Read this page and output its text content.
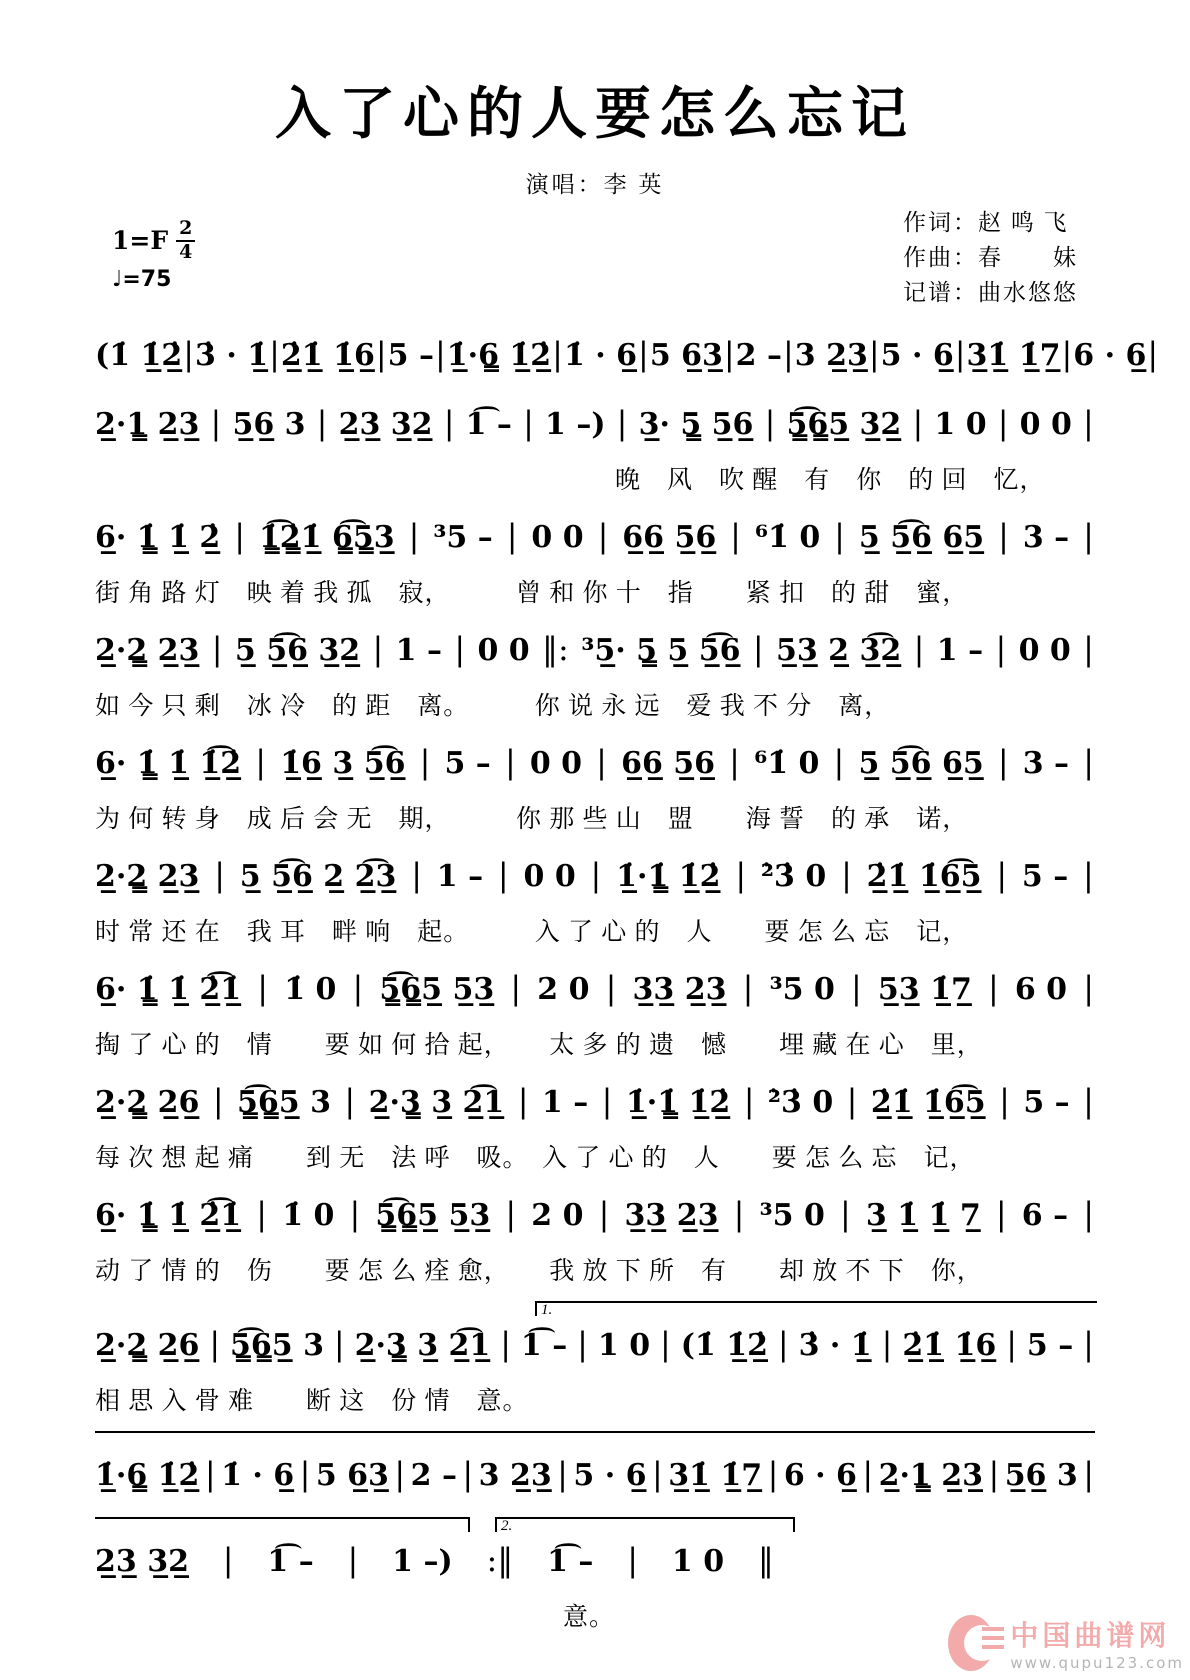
入了心的人要怎么忘记
演唱：李 英
$1=F \frac{2}{4}$
♩=75
作词：赵 鸣 飞
作曲：春　　妹
记谱：曲水悠悠
(1̇ 1̲̇2̲̇ | 3̇ · 1̲̇ | 2̲̇1̲̇ 1̲̇6̲ | 5 – | 1̲̇·6̳ 1̲̇2̲̇ | 1̇ · 6̲ | 5 6̲3̲ | 2 – | 3 2̲3̲ | 5 · 6̲ | 3̲1̲̇ 1̲̇7̲ | 6 · 6̲ |
2̲·1̳ 2̲3̲ | 5̲6̲ 3 | 2̲3̲ 3̲2̲ | 1͡ – | 1 –) | 3̲· 5̳ 5̲6̲ | 5̳͡6̳5̲ 3̲2̲ | 1 0 | 0 0 |
　　　　　　　　　　　　　　　　　　　　晚　风　吹 醒　有　你　的 回　忆，
6̲· 1̳̇ 1̲̇ 2̲̇ | 1̳̇͡2̳̇1̲̇ 6̳͡5̳3̲ | ³5 – | 0 0 | 6̲6̲ 5̲6̲ | ⁶1̇ 0 | 5̲ 5̲͡6̲ 6̲5̲ | 3 – |
街 角 路 灯　映 着 我 孤　寂，　　　曾 和 你 十　指　　紧 扣　的 甜　蜜，
2̲·2̳ 2̲3̲ | 5̲ 5̲͡6̲ 3̲2̲ | 1 – | 0 0 ‖: ³5̲· 5̳ 5̲ 5̲͡6̲ | 5̲3̲ 2̲ 3̲͡2̲ | 1 – | 0 0 |
如 今 只 剩　冰 冷　的 距　离。　　　你 说 永 远　爱 我 不 分　离，
6̲· 1̳̇ 1̲̇ 1̲̇͡2̲̇ | 1̲̇6̲ 3̲ 5̲͡6̲ | 5 – | 0 0 | 6̲6̲ 5̲6̲ | ⁶1̇ 0 | 5̲ 5̲͡6̲ 6̲5̲ | 3 – |
为 何 转 身　成 后 会 无　期，　　　你 那 些 山　盟　　海 誓　的 承　诺，
2̲·2̳ 2̲3̲ | 5̲ 5̲͡6̲ 2̲ 2̲͡3̲ | 1 – | 0 0 | 1̲̇·1̳̇ 1̲̇2̲̇ | ²̇3̇ 0 | 2̲̇1̲̇ 1̲̇6̲͡5̲ | 5 – |
时 常 还 在　我 耳　畔 响　起。　　　入 了 心 的　人　　要 怎 么 忘　记，
6̲· 1̳̇ 1̲̇ 2̲̇͡1̲̇ | 1̇ 0 | 5̳͡6̳5̲ 5̲3̲ | 2 0 | 3̲3̲ 2̲3̲ | ³5 0 | 5̲3̲ 1̲̇7̲ | 6 0 |
掏 了 心 的　情　　要 如 何 拾 起，　　太 多 的 遗　憾　　埋 藏 在 心　里，
2̲·2̳ 2̲6̲ | 5̳͡6̳5̲ 3 | 2̲·3̳ 3̲ 2̲͡1̲ | 1 – | 1̲̇·1̳̇ 1̲̇2̲̇ | ²̇3̇ 0 | 2̲̇1̲̇ 1̲̇6̲͡5̲ | 5 – |
每 次 想 起 痛　　到 无　法 呼　吸。　入 了 心 的　人　　要 怎 么 忘　记，
6̲· 1̳̇ 1̲̇ 2̲̇͡1̲̇ | 1̇ 0 | 5̳͡6̳5̲ 5̲3̲ | 2 0 | 3̲3̲ 2̲3̲ | ³5 0 | 3̲ 1̲̇ 1̲̇ 7̲ | 6 – |
动 了 情 的　伤　　要 怎 么 痊 愈，　　我 放 下 所　有　　却 放 不 下　你，
1.
2̲·2̳ 2̲6̲ | 5̳͡6̳5̲ 3 | 2̲·3̳ 3̲ 2̲͡1̲ | 1͡ – | 1 0 | (1̇ 1̲̇2̲̇ | 3̇ · 1̲̇ | 2̲̇1̲̇ 1̲̇6̲ | 5 – |
相 思 入 骨 难　　断 这　份 情　意。
1̲̇·6̳ 1̲̇2̲̇ | 1̇ · 6̲ | 5 6̲3̲ | 2 – | 3 2̲3̲ | 5 · 6̲ | 3̲1̲̇ 1̲̇7̲ | 6 · 6̲ | 2̲·1̳ 2̲3̲ | 5̲6̲ 3 |
2.
2̲3̲ 3̲2̲ | 1͡ – | 1 –) :‖ 1͡ – | 1 0 ‖
　　　　　　　　　　　　　　　　　　意。
中国曲谱网
www.qupu123.com
